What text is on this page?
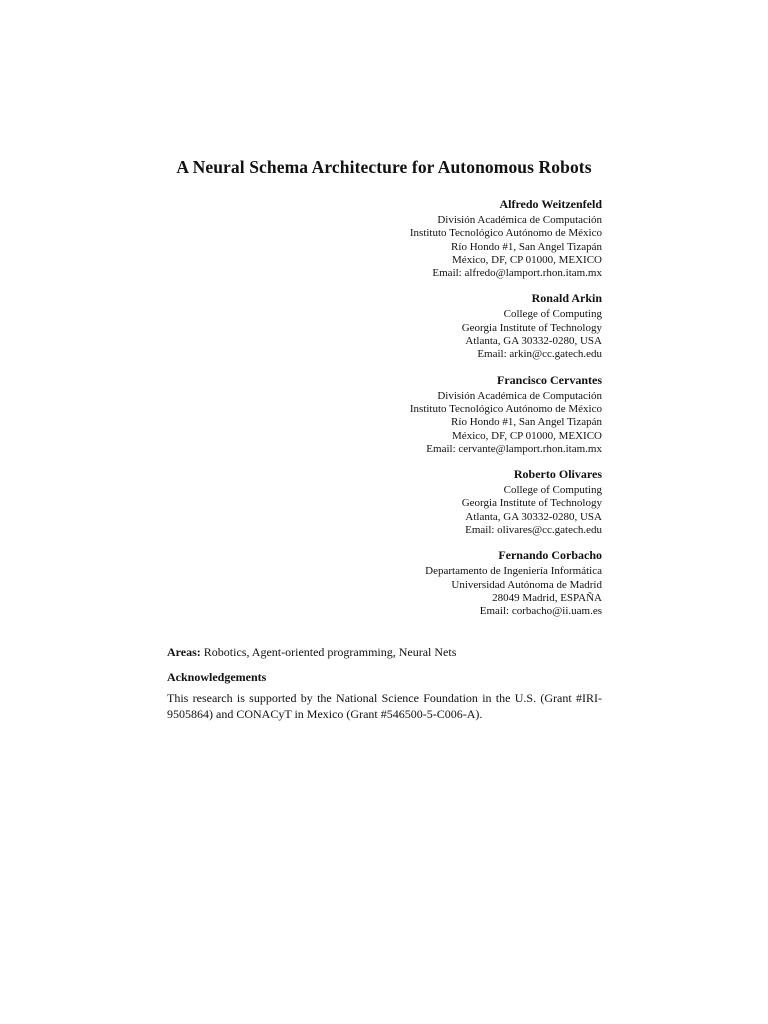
A Neural Schema Architecture for Autonomous Robots
Alfredo Weitzenfeld
División Académica de Computación
Instituto Tecnológico Autónomo de México
Río Hondo #1, San Angel Tizapán
México, DF, CP 01000, MEXICO
Email: alfredo@lamport.rhon.itam.mx
Ronald Arkin
College of Computing
Georgia Institute of Technology
Atlanta, GA 30332-0280, USA
Email: arkin@cc.gatech.edu
Francisco Cervantes
División Académica de Computación
Instituto Tecnológico Autónomo de México
Río Hondo #1, San Angel Tizapán
México, DF, CP 01000, MEXICO
Email: cervante@lamport.rhon.itam.mx
Roberto Olivares
College of Computing
Georgia Institute of Technology
Atlanta, GA 30332-0280, USA
Email: olivares@cc.gatech.edu
Fernando Corbacho
Departamento de Ingeniería Informática
Universidad Autónoma de Madrid
28049 Madrid, ESPAÑA
Email: corbacho@ii.uam.es
Areas: Robotics, Agent-oriented programming, Neural Nets
Acknowledgements
This research is supported by the National Science Foundation in the U.S. (Grant #IRI-9505864) and CONACyT in Mexico (Grant #546500-5-C006-A).
